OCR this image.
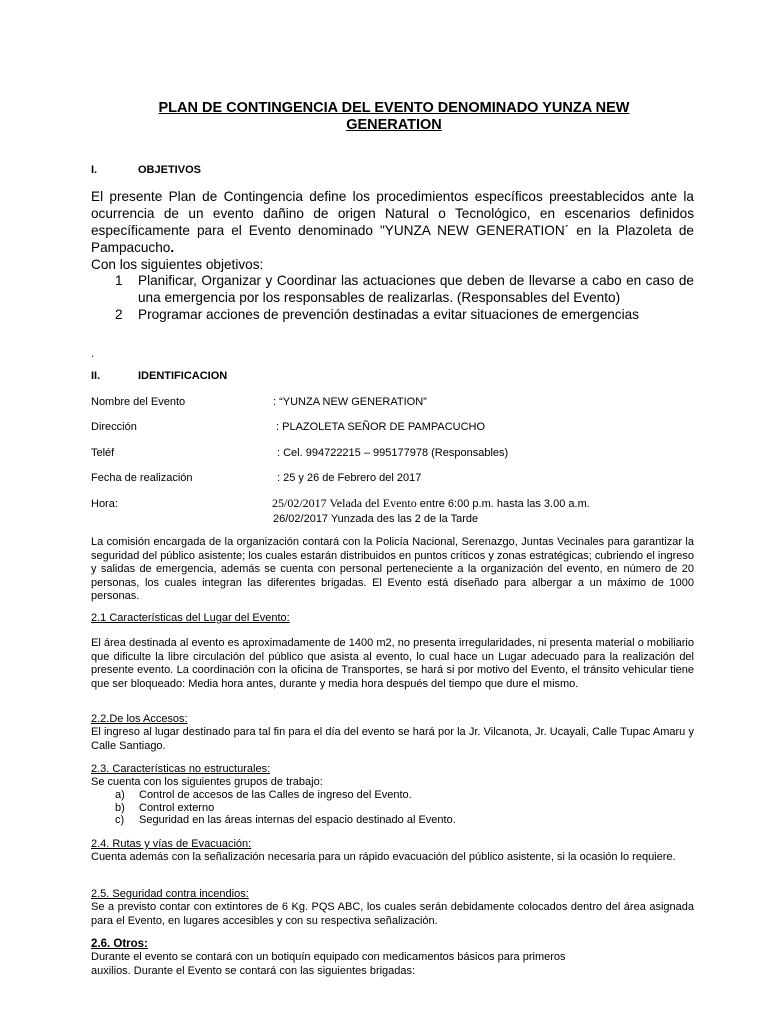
PLAN DE CONTINGENCIA DEL EVENTO DENOMINADO YUNZA NEW GENERATION
I.	OBJETIVOS
El presente Plan de Contingencia define los procedimientos específicos preestablecidos ante la ocurrencia de un evento dañino de origen Natural o Tecnológico, en escenarios definidos específicamente para el Evento denominado "YUNZA NEW GENERATION´ en la Plazoleta de Pampacucho.
Con los siguientes objetivos:
1 Planificar, Organizar y Coordinar las actuaciones que deben de llevarse a cabo en caso de una emergencia por los responsables de realizarlas. (Responsables del Evento)
2 Programar acciones de prevención destinadas a evitar situaciones de emergencias
.
II.	IDENTIFICACION
Nombre del Evento	: “YUNZA NEW GENERATION”
Dirección	: PLAZOLETA SEÑOR DE PAMPACUCHO
Teléf	: Cel. 994722215 – 995177978 (Responsables)
Fecha de realización	: 25 y 26 de Febrero del 2017
Hora:	25/02/2017 Velada del Evento entre 6:00 p.m. hasta las 3.00 a.m.
26/02/2017 Yunzada des las 2 de la Tarde
La comisión encargada de la organización contará con la Policía Nacional, Serenazgo, Juntas Vecinales para garantizar la seguridad del público asistente; los cuales estarán distribuidos en puntos críticos y zonas estratégicas; cubriendo el ingreso y salidas de emergencia, además se cuenta con personal perteneciente a la organización del evento, en número de 20 personas, los cuales integran las diferentes brigadas. El Evento está diseñado para albergar a un máximo de 1000 personas.
2.1 Características del Lugar del Evento:
El área destinada al evento es aproximadamente de 1400 m2, no presenta irregularidades, ni presenta material o mobiliario que dificulte la libre circulación del público que asista al evento, lo cual hace un Lugar adecuado para la realización del presente evento. La coordinación con la oficina de Transportes, se hará si por motivo del Evento, el tránsito vehicular tiene que ser bloqueado: Media hora antes, durante y media hora después del tiempo que dure el mismo.
2.2.De los Accesos:
El ingreso al lugar destinado para tal fin para el día del evento se hará por la Jr. Vilcanota, Jr. Ucayali, Calle Tupac Amaru y Calle Santiago.
2.3. Características no estructurales:
Se cuenta con los siguientes grupos de trabajo:
a) Control de accesos de las Calles de ingreso del Evento.
b) Control externo
c) Seguridad en las áreas internas del espacio destinado al Evento.
2.4. Rutas y vías de Evacuación:
Cuenta además con la señalización necesaria para un rápido evacuación del público asistente, si la ocasión lo requiere.
2.5. Seguridad contra incendios:
Se a previsto contar con extintores de 6 Kg. PQS ABC, los cuales serán debidamente colocados dentro del área asignada para el Evento, en lugares accesibles y con su respectiva señalización.
2.6. Otros:
Durante el evento se contará con un botiquín equipado con medicamentos básicos para primeros
auxilios. Durante el Evento se contará con las siguientes brigadas:
